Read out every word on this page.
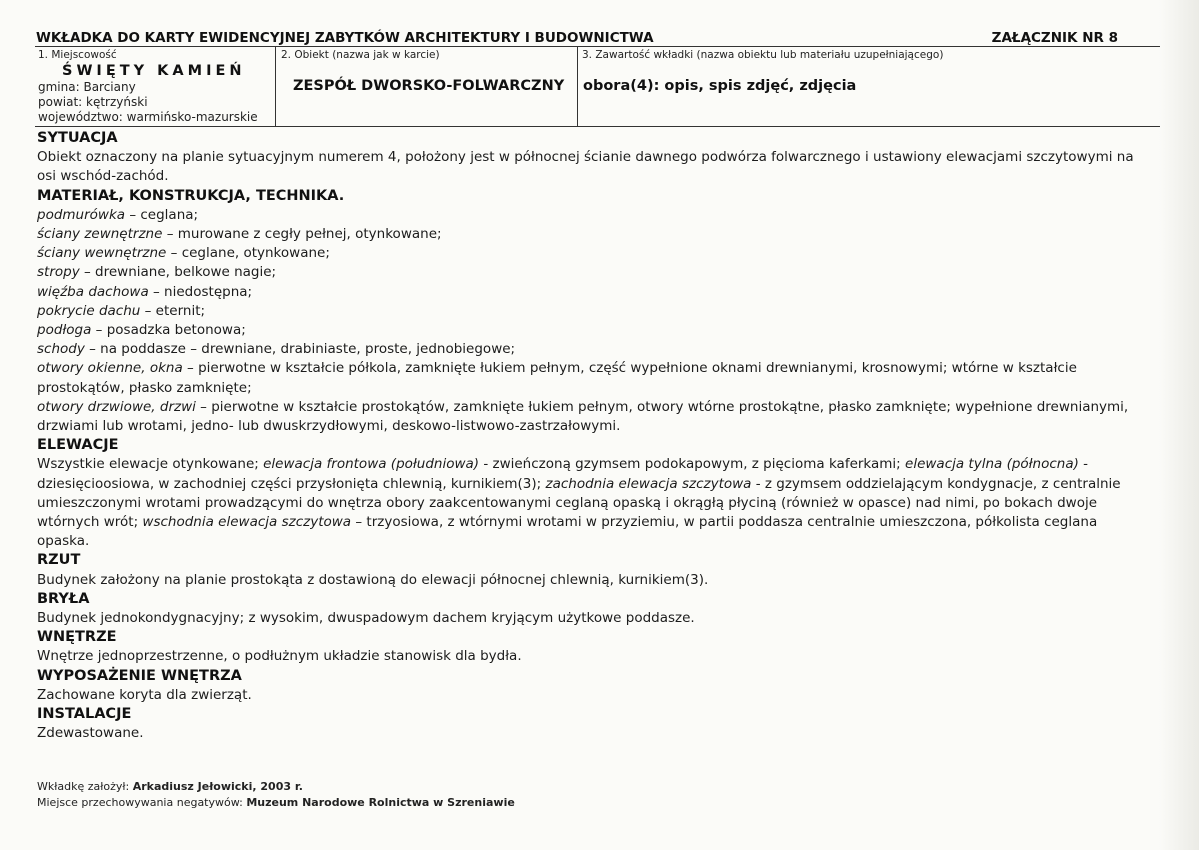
WKŁADKA DO KARTY EWIDENCYJNEJ ZABYTKÓW ARCHITEKTURY I BUDOWNICTWA	ZAŁĄCZNIK NR 8
1. Miejscowość
ŚWIĘTY KAMIEŃ
gmina: Barciany
powiat: kętrzyński
województwo: warmińsko-mazurskie
2. Obiekt (nazwa jak w karcie)
ZESPÓŁ DWORSKO-FOLWARCZNY
3. Zawartość wkładki (nazwa obiektu lub materiału uzupełniającego)
obora(4): opis, spis zdjęć, zdjęcia
SYTUACJA
Obiekt oznaczony na planie sytuacyjnym numerem 4, położony jest w północnej ścianie dawnego podwórza folwarcznego i ustawiony elewacjami szczytowymi na osi wschód-zachód.
MATERIAŁ, KONSTRUKCJA, TECHNIKA.
podmurówka – ceglana;
ściany zewnętrzne – murowane z cegły pełnej, otynkowane;
ściany wewnętrzne – ceglane, otynkowane;
stropy – drewniane, belkowe nagie;
więźba dachowa – niedostępna;
pokrycie dachu – eternit;
podłoga – posadzka betonowa;
schody – na poddasze – drewniane, drabiniaste, proste, jednobiegowe;
otwory okienne, okna – pierwotne w kształcie półkola, zamknięte łukiem pełnym, część wypełnione oknami drewnianymi, krosnowymi; wtórne w kształcie prostokątów, płasko zamknięte;
otwory drzwiowe, drzwi – pierwotne w kształcie prostokątów, zamknięte łukiem pełnym, otwory wtórne prostokątne, płasko zamknięte; wypełnione drewnianymi, drzwiami lub wrotami, jedno- lub dwuskrzydłowymi, deskowo-listwowo-zastrzałowymi.
ELEWACJE
Wszystkie elewacje otynkowane; elewacja frontowa (południowa) - zwieńczoną gzymsem podokapowym, z pięcioma kaferkami; elewacja tylna (północna) - dziesięcioosiowa, w zachodniej części przysłonięta chlewnią, kurnikiem(3); zachodnia elewacja szczytowa - z gzymsem oddzielającym kondygnacje, z centralnie umieszczonymi wrotami prowadzącymi do wnętrza obory zaakcentowanymi ceglaną opaską i okrągłą płyciną (również w opasce) nad nimi, po bokach dwoje wtórnych wrót; wschodnia elewacja szczytowa – trzyosiowa, z wtórnymi wrotami w przyziemiu, w partii poddasza centralnie umieszczona, półkolista ceglana opaska.
RZUT
Budynek założony na planie prostokąta z dostawioną do elewacji północnej chlewnią, kurnikiem(3).
BRYŁA
Budynek jednokondygnacyjny; z wysokim, dwuspadowym dachem kryjącym użytkowe poddasze.
WNĘTRZE
Wnętrze jednoprzestrzenne, o podłużnym układzie stanowisk dla bydła.
WYPOSAŻENIE WNĘTRZA
Zachowane koryta dla zwierząt.
INSTALACJE
Zdewastowane.
Wkładkę założył: Arkadiusz Jełowicki, 2003 r.
Miejsce przechowywania negatywów: Muzeum Narodowe Rolnictwa w Szreniawie
